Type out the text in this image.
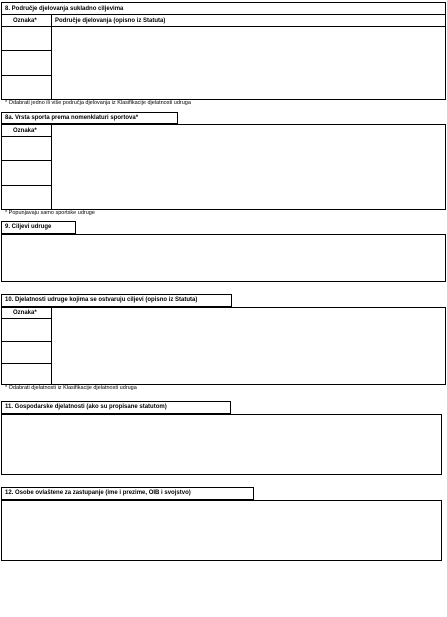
8. Područje djelovanja sukladno ciljevima
Oznaka*	Područje djelovanja (opisno iz Statuta)
* Odabrati jedno ili više područja djelovanja iz Klasifikacije djelatnosti udruga
8a. Vrsta sporta prema nomenklaturi sportova*
Oznaka*
* Popunjavaju samo sportske udruge
9. Ciljevi udruge
10. Djelatnosti udruge kojima se ostvaruju ciljevi (opisno iz Statuta)
Oznaka*
* Odabrati djelatnosti iz Klasifikacije djelatnosti udruga
11. Gospodarske djelatnosti (ako su propisane statutom)
12. Osobe ovlaštene za zastupanje (ime i prezime, OIB i svojstvo)
